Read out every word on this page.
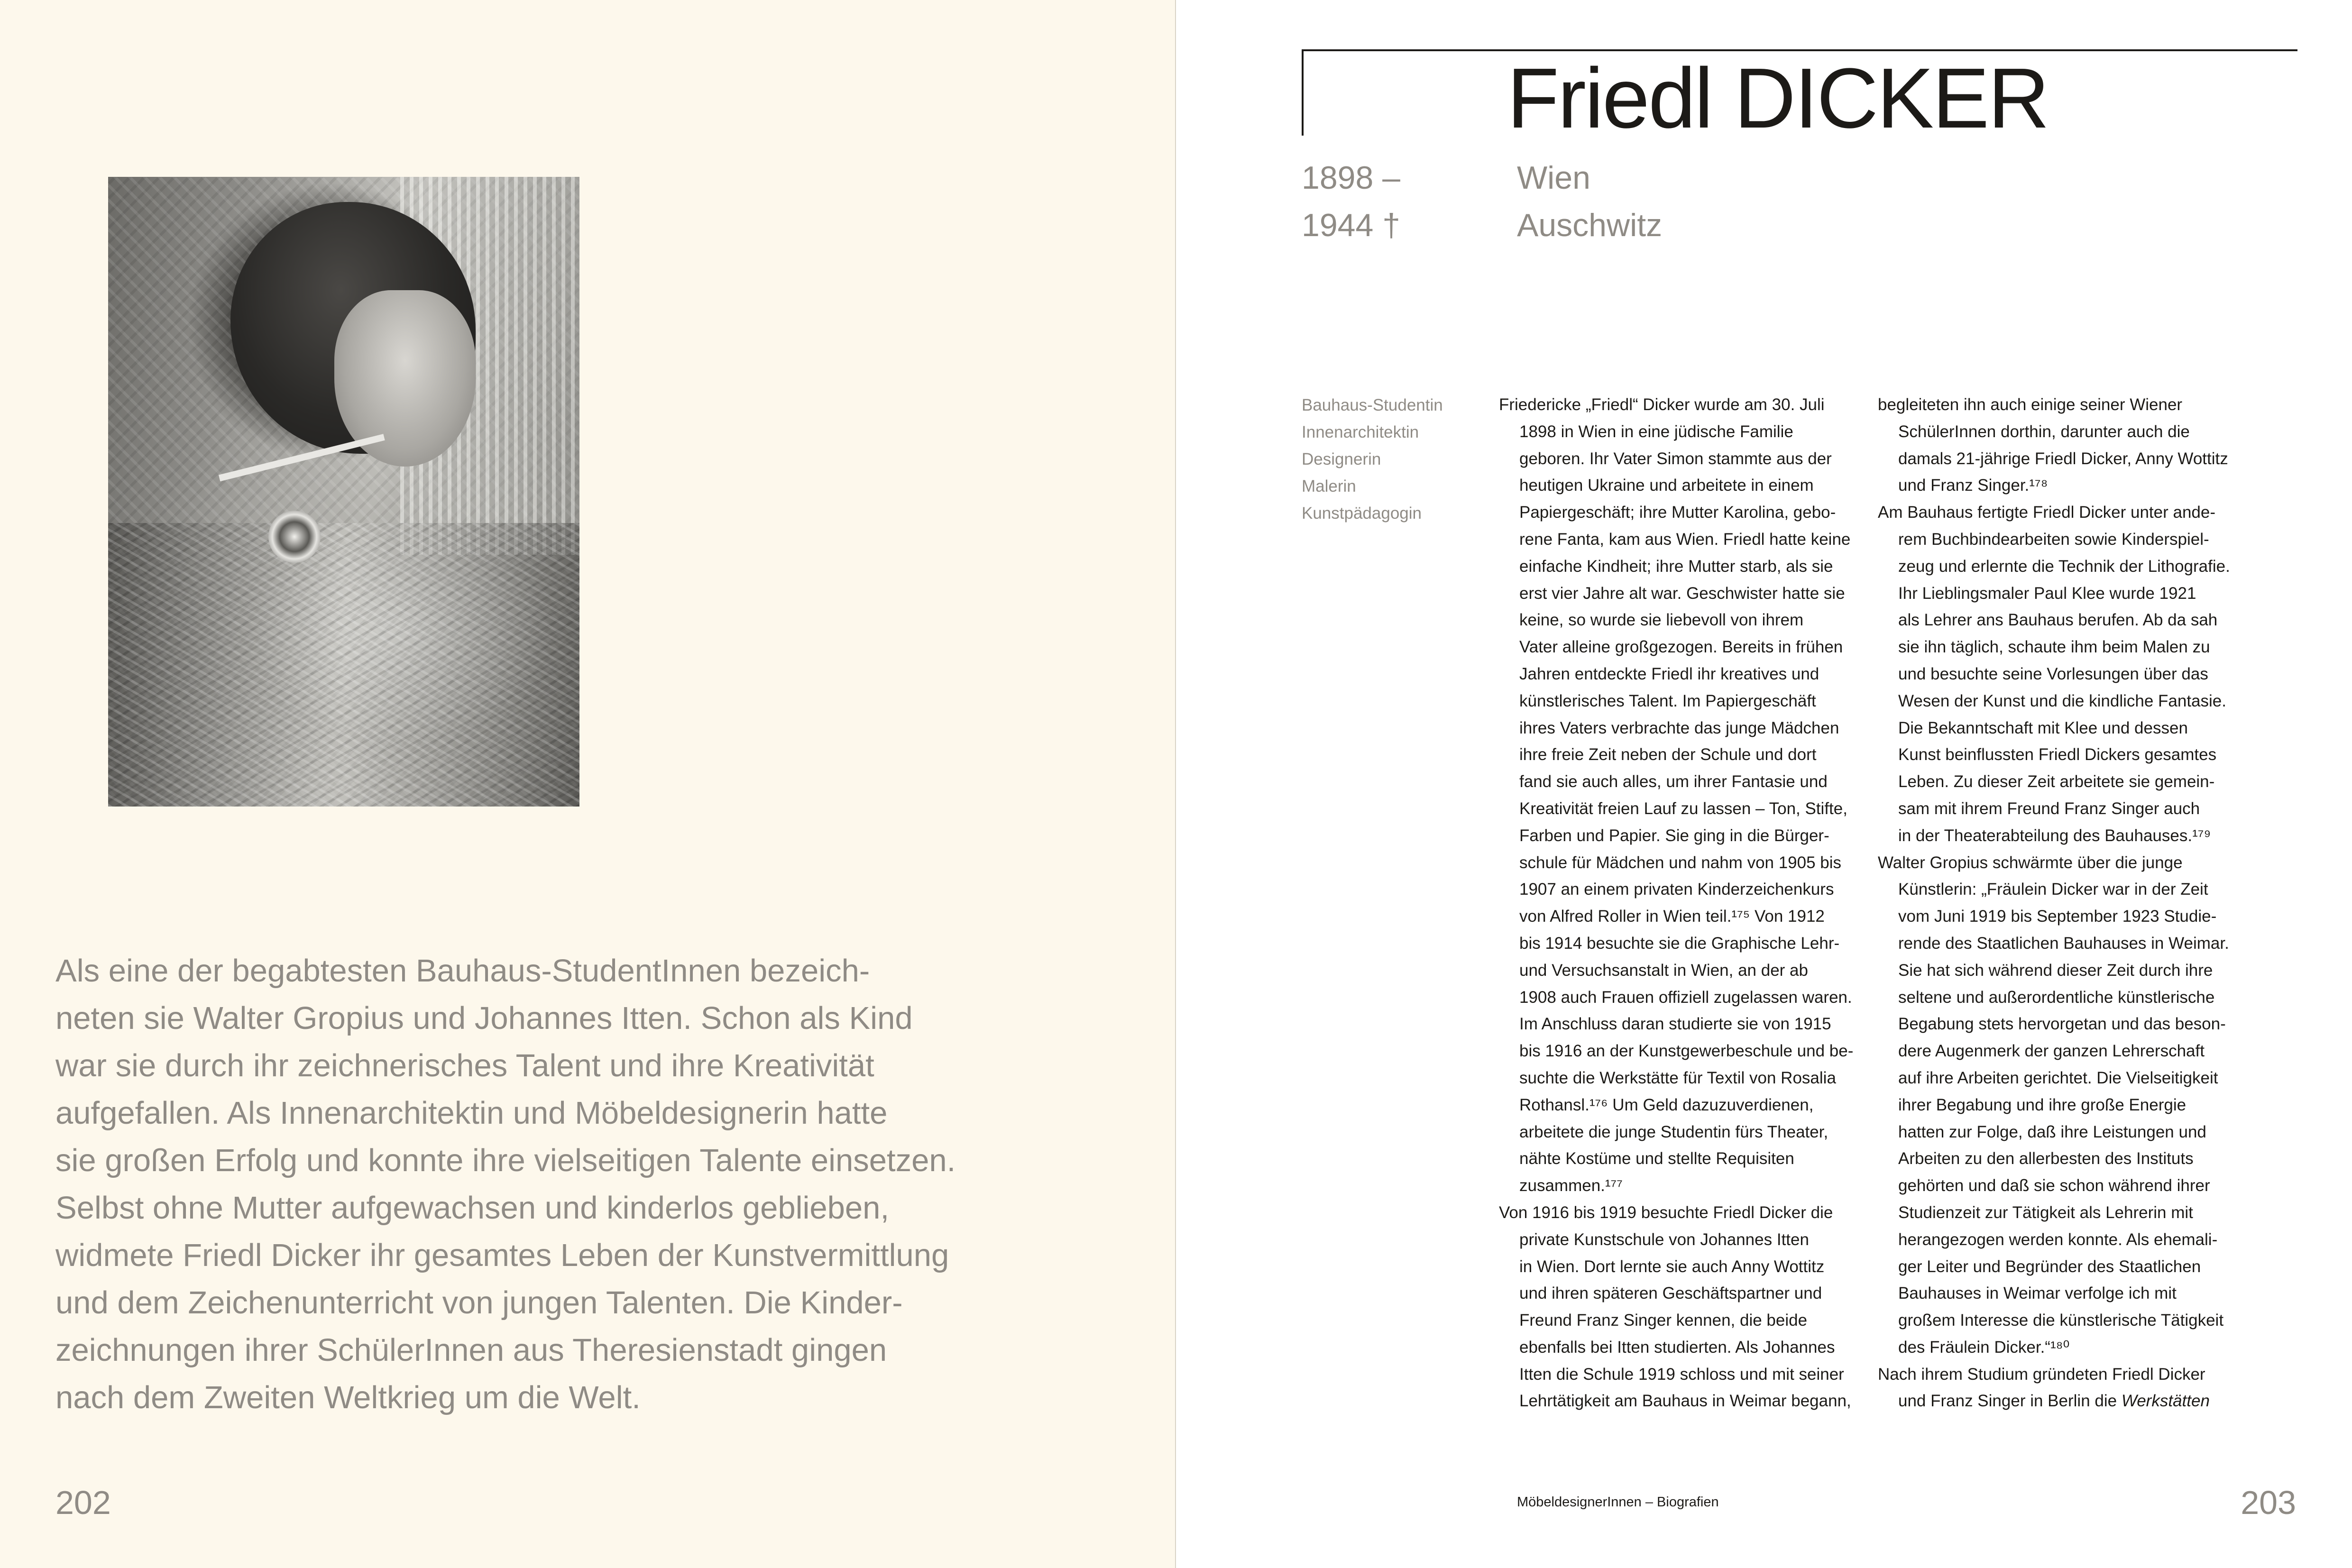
Als eine der begabtesten Bauhaus-StudentInnen bezeich-
neten sie Walter Gropius und Johannes Itten. Schon als Kind
war sie durch ihr zeichnerisches Talent und ihre Kreativität
aufgefallen. Als Innenarchitektin und Möbeldesignerin hatte
sie großen Erfolg und konnte ihre vielseitigen Talente einsetzen.
Selbst ohne Mutter aufgewachsen und kinderlos geblieben,
widmete Friedl Dicker ihr gesamtes Leben der Kunstvermittlung
und dem Zeichenunterricht von jungen Talenten. Die Kinder-
zeichnungen ihrer SchülerInnen aus Theresienstadt gingen
nach dem Zweiten Weltkrieg um die Welt.

202
Friedl DICKER
1898 –
1944 †
Wien
Auschwitz
Bauhaus-Studentin
Innenarchitektin
Designerin
Malerin
Kunstpädagogin
Friedericke „Friedl“ Dicker wurde am 30. Juli
1898 in Wien in eine jüdische Familie
geboren. Ihr Vater Simon stammte aus der
heutigen Ukraine und arbeitete in einem
Papiergeschäft; ihre Mutter Karolina, gebo-
rene Fanta, kam aus Wien. Friedl hatte keine
einfache Kindheit; ihre Mutter starb, als sie
erst vier Jahre alt war. Geschwister hatte sie
keine, so wurde sie liebevoll von ihrem
Vater alleine großgezogen. Bereits in frühen
Jahren entdeckte Friedl ihr kreatives und
künstlerisches Talent. Im Papiergeschäft
ihres Vaters verbrachte das junge Mädchen
ihre freie Zeit neben der Schule und dort
fand sie auch alles, um ihrer Fantasie und
Kreativität freien Lauf zu lassen – Ton, Stifte,
Farben und Papier. Sie ging in die Bürger-
schule für Mädchen und nahm von 1905 bis
1907 an einem privaten Kinderzeichenkurs
von Alfred Roller in Wien teil.¹⁷⁵ Von 1912
bis 1914 besuchte sie die Graphische Lehr-
und Versuchsanstalt in Wien, an der ab
1908 auch Frauen offiziell zugelassen waren.
Im Anschluss daran studierte sie von 1915
bis 1916 an der Kunstgewerbeschule und be-
suchte die Werkstätte für Textil von Rosalia
Rothansl.¹⁷⁶ Um Geld dazuzuverdienen,
arbeitete die junge Studentin fürs Theater,
nähte Kostüme und stellte Requisiten
zusammen.¹⁷⁷
Von 1916 bis 1919 besuchte Friedl Dicker die
private Kunstschule von Johannes Itten
in Wien. Dort lernte sie auch Anny Wottitz
und ihren späteren Geschäftspartner und
Freund Franz Singer kennen, die beide
ebenfalls bei Itten studierten. Als Johannes
Itten die Schule 1919 schloss und mit seiner
Lehrtätigkeit am Bauhaus in Weimar begann,
begleiteten ihn auch einige seiner Wiener
SchülerInnen dorthin, darunter auch die
damals 21-jährige Friedl Dicker, Anny Wottitz
und Franz Singer.¹⁷⁸
Am Bauhaus fertigte Friedl Dicker unter ande-
rem Buchbindearbeiten sowie Kinderspiel-
zeug und erlernte die Technik der Lithografie.
Ihr Lieblingsmaler Paul Klee wurde 1921
als Lehrer ans Bauhaus berufen. Ab da sah
sie ihn täglich, schaute ihm beim Malen zu
und besuchte seine Vorlesungen über das
Wesen der Kunst und die kindliche Fantasie.
Die Bekanntschaft mit Klee und dessen
Kunst beinflussten Friedl Dickers gesamtes
Leben. Zu dieser Zeit arbeitete sie gemein-
sam mit ihrem Freund Franz Singer auch
in der Theaterabteilung des Bauhauses.¹⁷⁹
Walter Gropius schwärmte über die junge
Künstlerin: „Fräulein Dicker war in der Zeit
vom Juni 1919 bis September 1923 Studie-
rende des Staatlichen Bauhauses in Weimar.
Sie hat sich während dieser Zeit durch ihre
seltene und außerordentliche künstlerische
Begabung stets hervorgetan und das beson-
dere Augenmerk der ganzen Lehrerschaft
auf ihre Arbeiten gerichtet. Die Vielseitigkeit
ihrer Begabung und ihre große Energie
hatten zur Folge, daß ihre Leistungen und
Arbeiten zu den allerbesten des Instituts
gehörten und daß sie schon während ihrer
Studienzeit zur Tätigkeit als Lehrerin mit
herangezogen werden konnte. Als ehemali-
ger Leiter und Begründer des Staatlichen
Bauhauses in Weimar verfolge ich mit
großem Interesse die künstlerische Tätigkeit
des Fräulein Dicker.“¹⁸⁰
Nach ihrem Studium gründeten Friedl Dicker
und Franz Singer in Berlin die Werkstätten
MöbeldesignerInnen – Biografien	203
